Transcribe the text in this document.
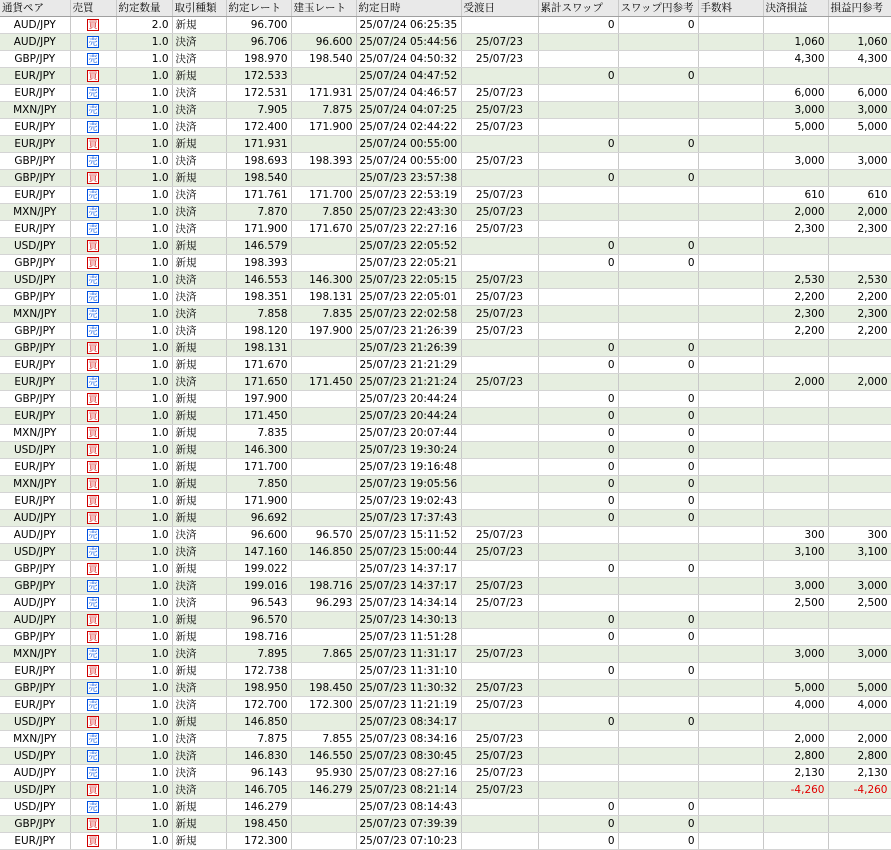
通貨ペア	売買	約定数量	取引種類	約定レート	建玉レート	約定日時	受渡日	累計スワップ	スワップ円参考	手数料	決済損益	損益円参考
AUD/JPY	買	2.0	新規	96.700		25/07/24 06:25:35		0	0			
AUD/JPY	売	1.0	決済	96.706	96.600	25/07/24 05:44:56	25/07/23				1,060	1,060
GBP/JPY	売	1.0	決済	198.970	198.540	25/07/24 04:50:32	25/07/23				4,300	4,300
EUR/JPY	買	1.0	新規	172.533		25/07/24 04:47:52		0	0			
EUR/JPY	売	1.0	決済	172.531	171.931	25/07/24 04:46:57	25/07/23				6,000	6,000
MXN/JPY	売	1.0	決済	7.905	7.875	25/07/24 04:07:25	25/07/23				3,000	3,000
EUR/JPY	売	1.0	決済	172.400	171.900	25/07/24 02:44:22	25/07/23				5,000	5,000
EUR/JPY	買	1.0	新規	171.931		25/07/24 00:55:00		0	0			
GBP/JPY	売	1.0	決済	198.693	198.393	25/07/24 00:55:00	25/07/23				3,000	3,000
GBP/JPY	買	1.0	新規	198.540		25/07/23 23:57:38		0	0			
EUR/JPY	売	1.0	決済	171.761	171.700	25/07/23 22:53:19	25/07/23				610	610
MXN/JPY	売	1.0	決済	7.870	7.850	25/07/23 22:43:30	25/07/23				2,000	2,000
EUR/JPY	売	1.0	決済	171.900	171.670	25/07/23 22:27:16	25/07/23				2,300	2,300
USD/JPY	買	1.0	新規	146.579		25/07/23 22:05:52		0	0			
GBP/JPY	買	1.0	新規	198.393		25/07/23 22:05:21		0	0			
USD/JPY	売	1.0	決済	146.553	146.300	25/07/23 22:05:15	25/07/23				2,530	2,530
GBP/JPY	売	1.0	決済	198.351	198.131	25/07/23 22:05:01	25/07/23				2,200	2,200
MXN/JPY	売	1.0	決済	7.858	7.835	25/07/23 22:02:58	25/07/23				2,300	2,300
GBP/JPY	売	1.0	決済	198.120	197.900	25/07/23 21:26:39	25/07/23				2,200	2,200
GBP/JPY	買	1.0	新規	198.131		25/07/23 21:26:39		0	0			
EUR/JPY	買	1.0	新規	171.670		25/07/23 21:21:29		0	0			
EUR/JPY	売	1.0	決済	171.650	171.450	25/07/23 21:21:24	25/07/23				2,000	2,000
GBP/JPY	買	1.0	新規	197.900		25/07/23 20:44:24		0	0			
EUR/JPY	買	1.0	新規	171.450		25/07/23 20:44:24		0	0			
MXN/JPY	買	1.0	新規	7.835		25/07/23 20:07:44		0	0			
USD/JPY	買	1.0	新規	146.300		25/07/23 19:30:24		0	0			
EUR/JPY	買	1.0	新規	171.700		25/07/23 19:16:48		0	0			
MXN/JPY	買	1.0	新規	7.850		25/07/23 19:05:56		0	0			
EUR/JPY	買	1.0	新規	171.900		25/07/23 19:02:43		0	0			
AUD/JPY	買	1.0	新規	96.692		25/07/23 17:37:43		0	0			
AUD/JPY	売	1.0	決済	96.600	96.570	25/07/23 15:11:52	25/07/23				300	300
USD/JPY	売	1.0	決済	147.160	146.850	25/07/23 15:00:44	25/07/23				3,100	3,100
GBP/JPY	買	1.0	新規	199.022		25/07/23 14:37:17		0	0			
GBP/JPY	売	1.0	決済	199.016	198.716	25/07/23 14:37:17	25/07/23				3,000	3,000
AUD/JPY	売	1.0	決済	96.543	96.293	25/07/23 14:34:14	25/07/23				2,500	2,500
AUD/JPY	買	1.0	新規	96.570		25/07/23 14:30:13		0	0			
GBP/JPY	買	1.0	新規	198.716		25/07/23 11:51:28		0	0			
MXN/JPY	売	1.0	決済	7.895	7.865	25/07/23 11:31:17	25/07/23				3,000	3,000
EUR/JPY	買	1.0	新規	172.738		25/07/23 11:31:10		0	0			
GBP/JPY	売	1.0	決済	198.950	198.450	25/07/23 11:30:32	25/07/23				5,000	5,000
EUR/JPY	売	1.0	決済	172.700	172.300	25/07/23 11:21:19	25/07/23				4,000	4,000
USD/JPY	買	1.0	新規	146.850		25/07/23 08:34:17		0	0			
MXN/JPY	売	1.0	決済	7.875	7.855	25/07/23 08:34:16	25/07/23				2,000	2,000
USD/JPY	売	1.0	決済	146.830	146.550	25/07/23 08:30:45	25/07/23				2,800	2,800
AUD/JPY	売	1.0	決済	96.143	95.930	25/07/23 08:27:16	25/07/23				2,130	2,130
USD/JPY	買	1.0	決済	146.705	146.279	25/07/23 08:21:14	25/07/23				-4,260	-4,260
USD/JPY	売	1.0	新規	146.279		25/07/23 08:14:43		0	0			
GBP/JPY	買	1.0	新規	198.450		25/07/23 07:39:39		0	0			
EUR/JPY	買	1.0	新規	172.300		25/07/23 07:10:23		0	0			
